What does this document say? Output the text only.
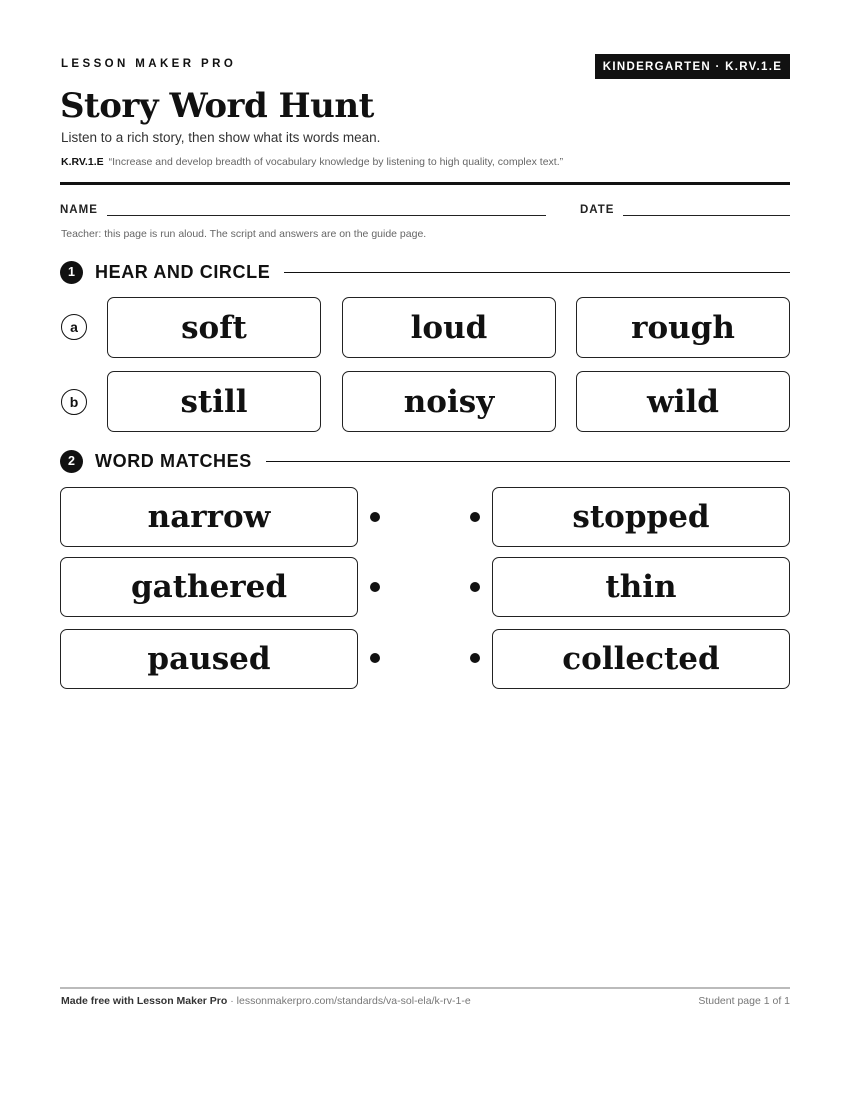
LESSON MAKER PRO	KINDERGARTEN · K.RV.1.E
Story Word Hunt
Listen to a rich story, then show what its words mean.
K.RV.1.E “Increase and develop breadth of vocabulary knowledge by listening to high quality, complex text.”
NAME	DATE
Teacher: this page is run aloud. The script and answers are on the guide page.
1	HEAR AND CIRCLE
a	soft	loud	rough
b	still	noisy	wild
2	WORD MATCHES
narrow	stopped
gathered	thin
paused	collected
Made free with Lesson Maker Pro · lessonmakerpro.com/standards/va-sol-ela/k-rv-1-e	Student page 1 of 1
